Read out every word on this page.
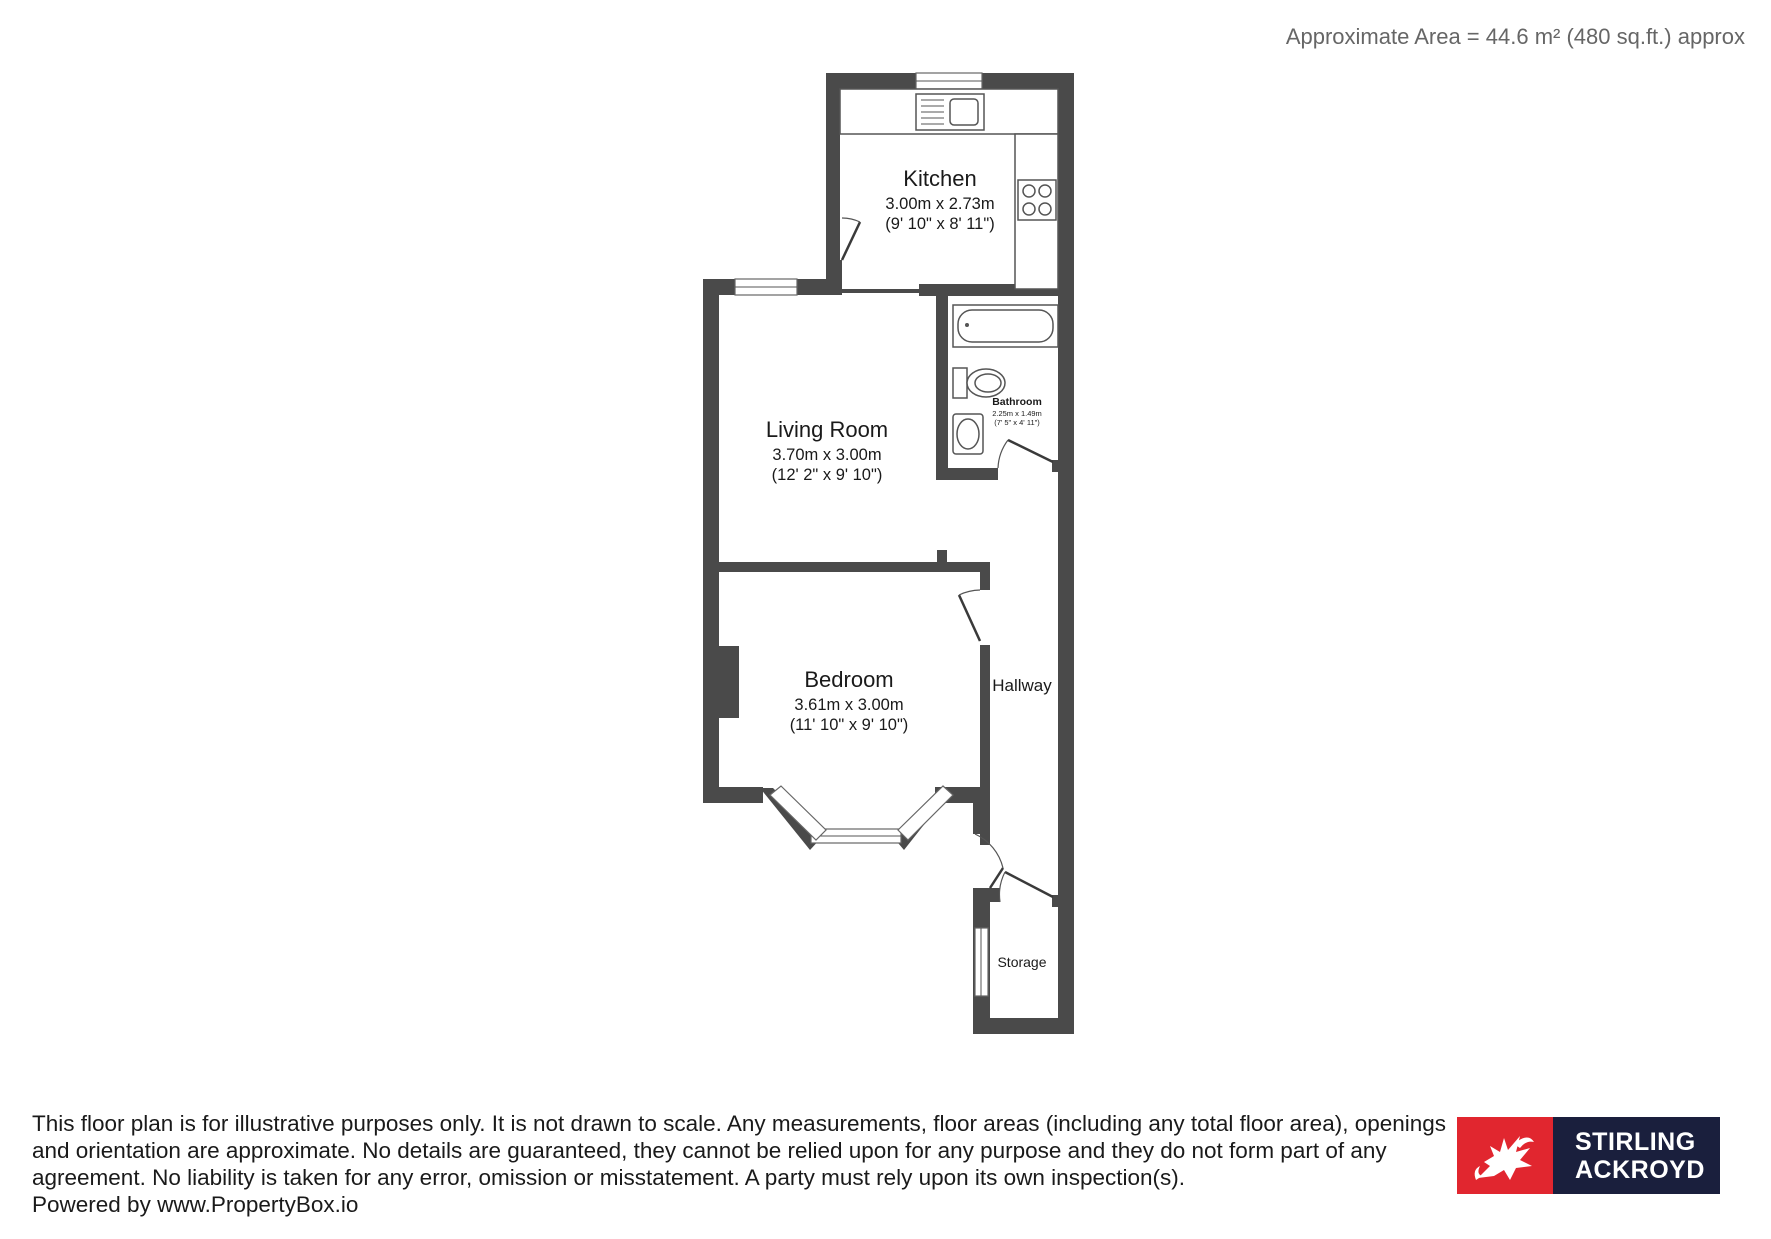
Approximate Area = 44.6 m² (480 sq.ft.) approx
Kitchen
3.00m x 2.73m
(9' 10" x 8' 11")
Living Room
3.70m x 3.00m
(12' 2" x 9' 10")
Bathroom
2.25m x 1.49m
(7' 5" x 4' 11")
Bedroom
3.61m x 3.00m
(11' 10" x 9' 10")
Hallway
Storage
This floor plan is for illustrative purposes only. It is not drawn to scale. Any measurements, floor areas (including any total floor area), openings and orientation are approximate. No details are guaranteed, they cannot be relied upon for any purpose and they do not form part of any agreement. No liability is taken for any error, omission or misstatement. A party must rely upon its own inspection(s).
Powered by www.PropertyBox.io
STIRLING
ACKROYD
